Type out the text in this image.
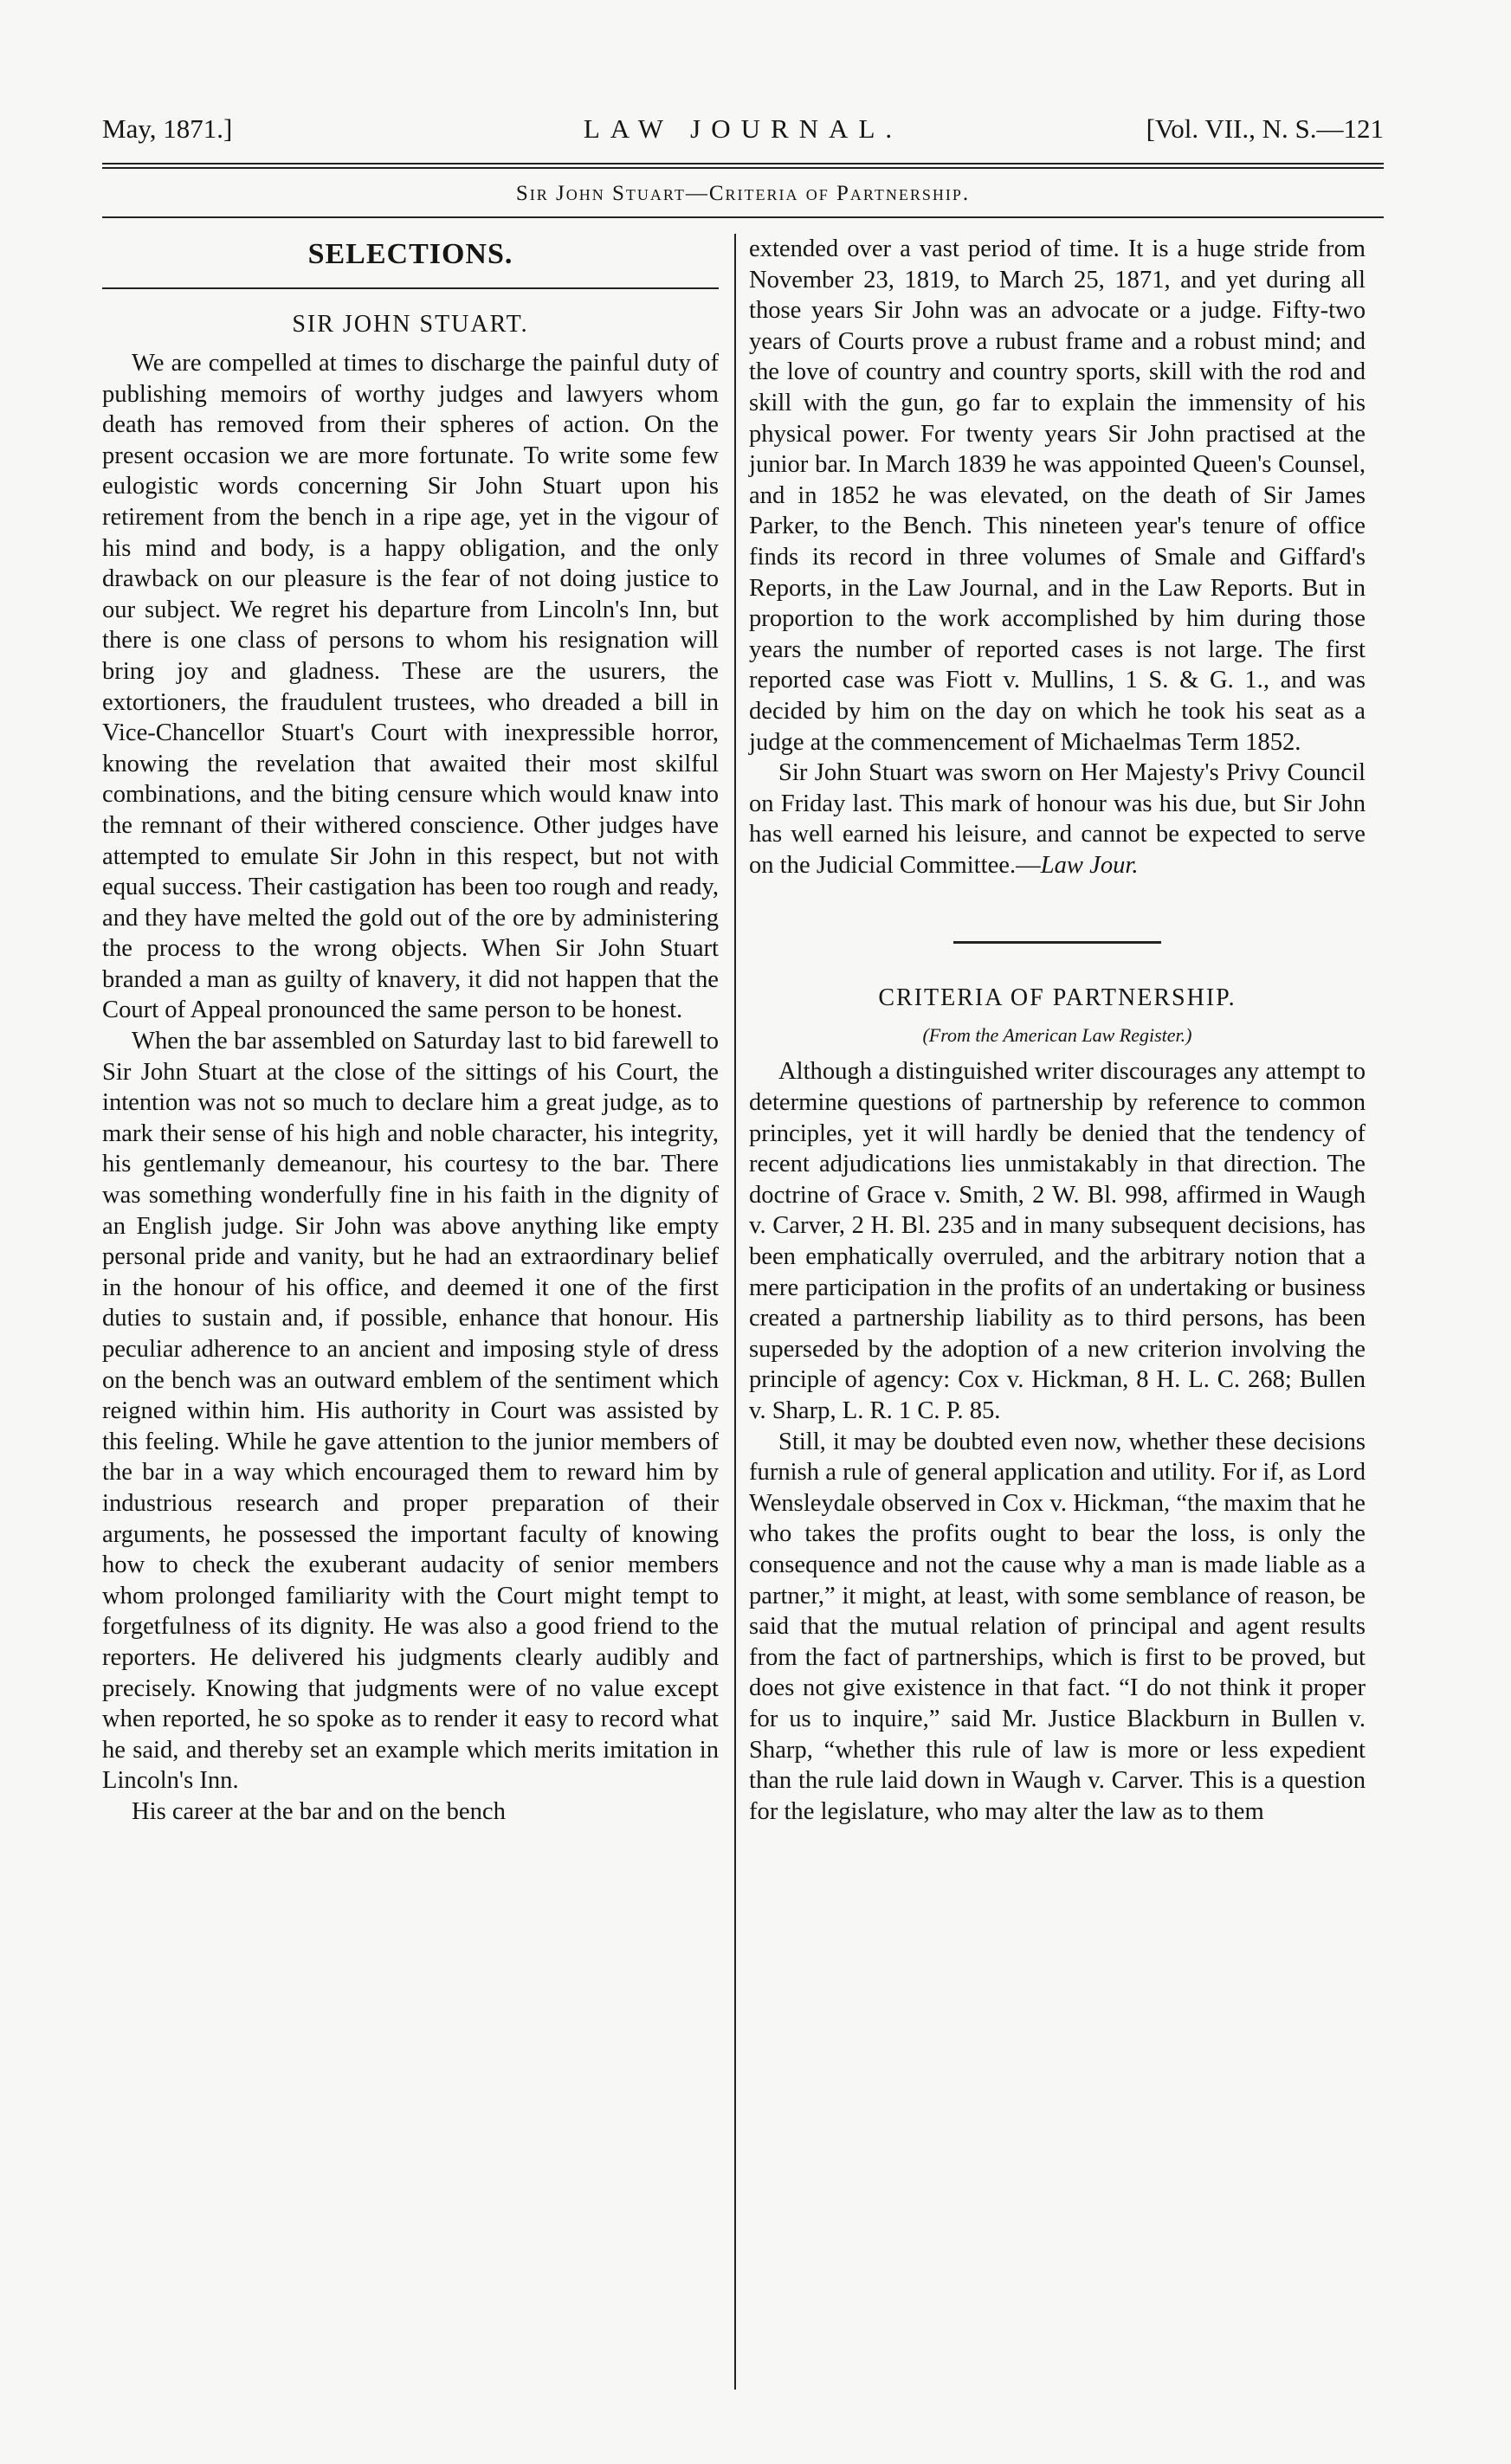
May, 1871.]	LAW JOURNAL.	[Vol. VII., N. S.—121
Sir John Stuart—Criteria of Partnership.
SELECTIONS.
SIR JOHN STUART.

We are compelled at times to discharge the painful duty of publishing memoirs of worthy judges and lawyers whom death has removed from their spheres of action. On the present occasion we are more fortunate. To write some few eulogistic words concerning Sir John Stuart upon his retirement from the bench in a ripe age, yet in the vigour of his mind and body, is a happy obligation, and the only drawback on our pleasure is the fear of not doing justice to our subject. We regret his departure from Lincoln's Inn, but there is one class of persons to whom his resignation will bring joy and gladness. These are the usurers, the extortioners, the fraudulent trustees, who dreaded a bill in Vice-Chancellor Stuart's Court with inexpressible horror, knowing the revelation that awaited their most skilful combinations, and the biting censure which would knaw into the remnant of their withered conscience. Other judges have attempted to emulate Sir John in this respect, but not with equal success. Their castigation has been too rough and ready, and they have melted the gold out of the ore by administering the process to the wrong objects. When Sir John Stuart branded a man as guilty of knavery, it did not happen that the Court of Appeal pronounced the same person to be honest.

When the bar assembled on Saturday last to bid farewell to Sir John Stuart at the close of the sittings of his Court, the intention was not so much to declare him a great judge, as to mark their sense of his high and noble character, his integrity, his gentlemanly demeanour, his courtesy to the bar. There was something wonderfully fine in his faith in the dignity of an English judge. Sir John was above anything like empty personal pride and vanity, but he had an extraordinary belief in the honour of his office, and deemed it one of the first duties to sustain and, if possible, enhance that honour. His peculiar adherence to an ancient and imposing style of dress on the bench was an outward emblem of the sentiment which reigned within him. His authority in Court was assisted by this feeling. While he gave attention to the junior members of the bar in a way which encouraged them to reward him by industrious research and proper preparation of their arguments, he possessed the important faculty of knowing how to check the exuberant audacity of senior members whom prolonged familiarity with the Court might tempt to forgetfulness of its dignity. He was also a good friend to the reporters. He delivered his judgments clearly audibly and precisely. Knowing that judgments were of no value except when reported, he so spoke as to render it easy to record what he said, and thereby set an example which merits imitation in Lincoln's Inn.

His career at the bar and on the bench

extended over a vast period of time. It is a huge stride from November 23, 1819, to March 25, 1871, and yet during all those years Sir John was an advocate or a judge. Fifty-two years of Courts prove a rubust frame and a robust mind; and the love of country and country sports, skill with the rod and skill with the gun, go far to explain the immensity of his physical power. For twenty years Sir John practised at the junior bar. In March 1839 he was appointed Queen's Counsel, and in 1852 he was elevated, on the death of Sir James Parker, to the Bench. This nineteen year's tenure of office finds its record in three volumes of Smale and Giffard's Reports, in the Law Journal, and in the Law Reports. But in proportion to the work accomplished by him during those years the number of reported cases is not large. The first reported case was Fiott v. Mullins, 1 S. & G. 1., and was decided by him on the day on which he took his seat as a judge at the commencement of Michaelmas Term 1852.

Sir John Stuart was sworn on Her Majesty's Privy Council on Friday last. This mark of honour was his due, but Sir John has well earned his leisure, and cannot be expected to serve on the Judicial Committee.—Law Jour.

CRITERIA OF PARTNERSHIP.
(From the American Law Register.)

Although a distinguished writer discourages any attempt to determine questions of partnership by reference to common principles, yet it will hardly be denied that the tendency of recent adjudications lies unmistakably in that direction. The doctrine of Grace v. Smith, 2 W. Bl. 998, affirmed in Waugh v. Carver, 2 H. Bl. 235 and in many subsequent decisions, has been emphatically overruled, and the arbitrary notion that a mere participation in the profits of an undertaking or business created a partnership liability as to third persons, has been superseded by the adoption of a new criterion involving the principle of agency: Cox v. Hickman, 8 H. L. C. 268; Bullen v. Sharp, L. R. 1 C. P. 85.

Still, it may be doubted even now, whether these decisions furnish a rule of general application and utility. For if, as Lord Wensleydale observed in Cox v. Hickman, “the maxim that he who takes the profits ought to bear the loss, is only the consequence and not the cause why a man is made liable as a partner,” it might, at least, with some semblance of reason, be said that the mutual relation of principal and agent results from the fact of partnerships, which is first to be proved, but does not give existence in that fact. “I do not think it proper for us to inquire,” said Mr. Justice Blackburn in Bullen v. Sharp, “whether this rule of law is more or less expedient than the rule laid down in Waugh v. Carver. This is a question for the legislature, who may alter the law as to them
